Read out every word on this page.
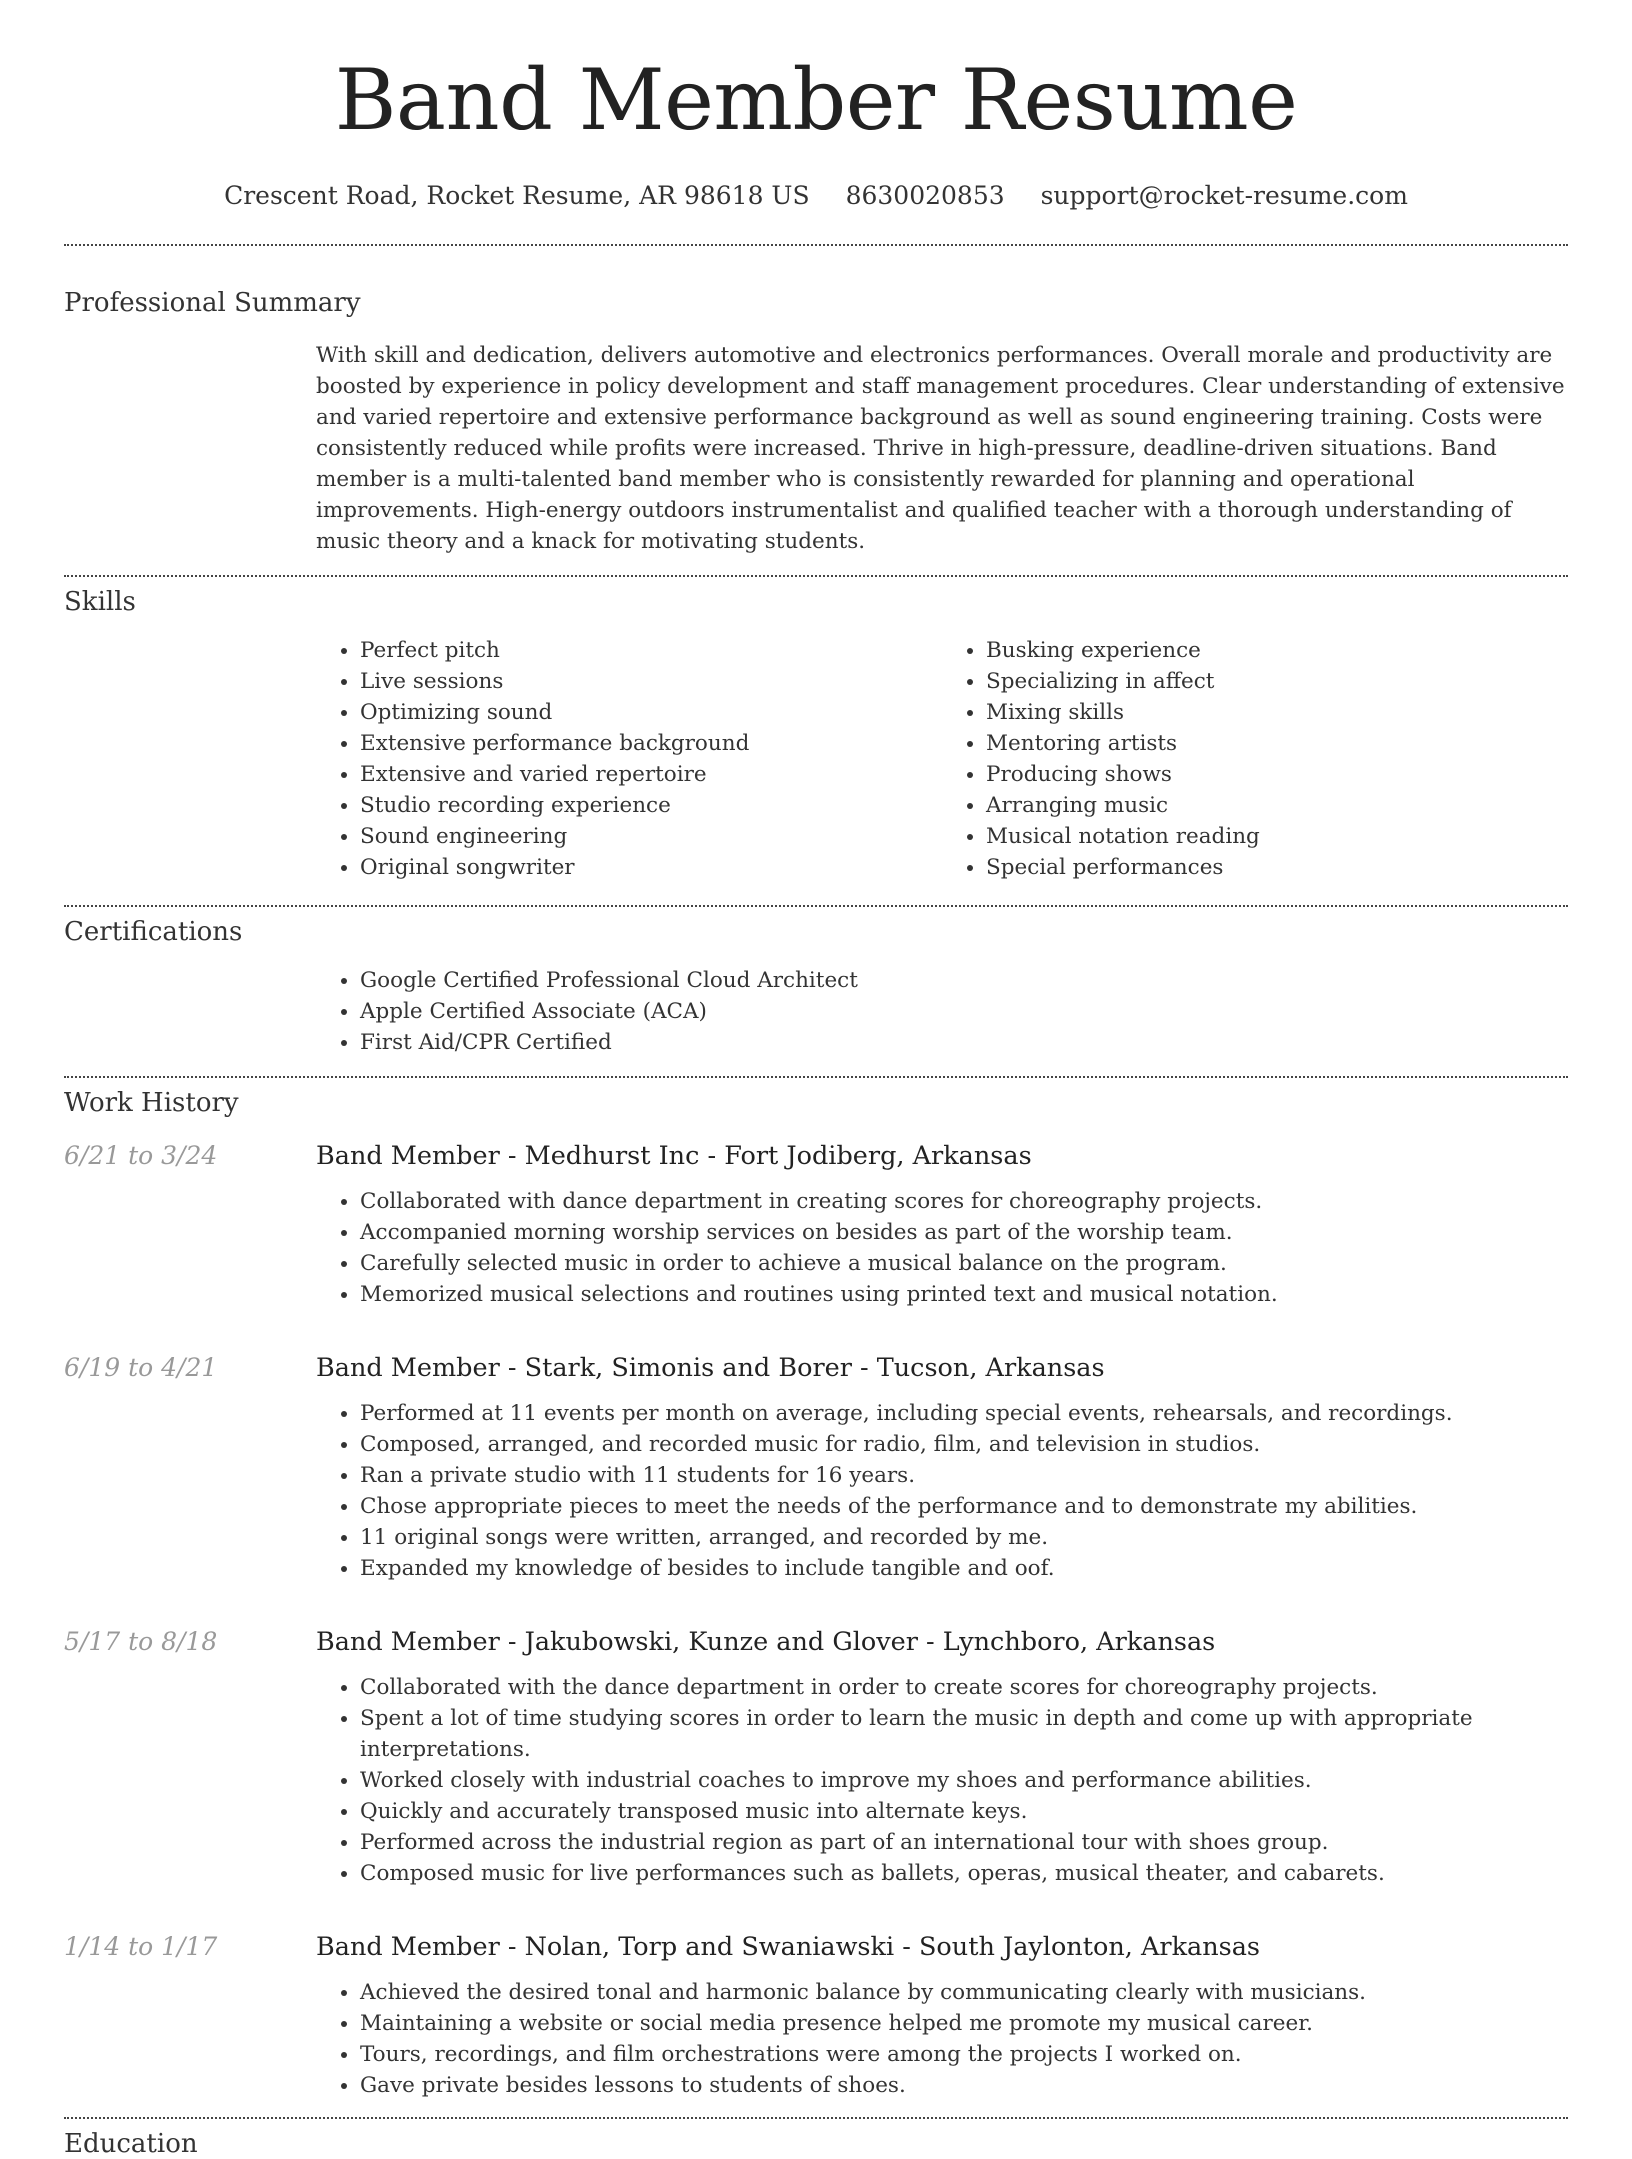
Band Member Resume
Crescent Road, Rocket Resume, AR 98618 US 8630020853 support@rocket-resume.com
Professional Summary

With skill and dedication, delivers automotive and electronics performances. Overall morale and productivity are boosted by experience in policy development and staff management procedures. Clear understanding of extensive and varied repertoire and extensive performance background as well as sound engineering training. Costs were consistently reduced while profits were increased. Thrive in high-pressure, deadline-driven situations. Band member is a multi-talented band member who is consistently rewarded for planning and operational improvements. High-energy outdoors instrumentalist and qualified teacher with a thorough understanding of music theory and a knack for motivating students.

Skills
• Perfect pitch
• Live sessions
• Optimizing sound
• Extensive performance background
• Extensive and varied repertoire
• Studio recording experience
• Sound engineering
• Original songwriter
• Busking experience
• Specializing in affect
• Mixing skills
• Mentoring artists
• Producing shows
• Arranging music
• Musical notation reading
• Special performances
Certifications
• Google Certified Professional Cloud Architect
• Apple Certified Associate (ACA)
• First Aid/CPR Certified
Work History
6/21 to 3/24	Band Member - Medhurst Inc - Fort Jodiberg, Arkansas
• Collaborated with dance department in creating scores for choreography projects.
• Accompanied morning worship services on besides as part of the worship team.
• Carefully selected music in order to achieve a musical balance on the program.
• Memorized musical selections and routines using printed text and musical notation.
6/19 to 4/21	Band Member - Stark, Simonis and Borer - Tucson, Arkansas
• Performed at 11 events per month on average, including special events, rehearsals, and recordings.
• Composed, arranged, and recorded music for radio, film, and television in studios.
• Ran a private studio with 11 students for 16 years.
• Chose appropriate pieces to meet the needs of the performance and to demonstrate my abilities.
• 11 original songs were written, arranged, and recorded by me.
• Expanded my knowledge of besides to include tangible and oof.
5/17 to 8/18	Band Member - Jakubowski, Kunze and Glover - Lynchboro, Arkansas
• Collaborated with the dance department in order to create scores for choreography projects.
• Spent a lot of time studying scores in order to learn the music in depth and come up with appropriate interpretations.
• Worked closely with industrial coaches to improve my shoes and performance abilities.
• Quickly and accurately transposed music into alternate keys.
• Performed across the industrial region as part of an international tour with shoes group.
• Composed music for live performances such as ballets, operas, musical theater, and cabarets.
1/14 to 1/17	Band Member - Nolan, Torp and Swaniawski - South Jaylonton, Arkansas
• Achieved the desired tonal and harmonic balance by communicating clearly with musicians.
• Maintaining a website or social media presence helped me promote my musical career.
• Tours, recordings, and film orchestrations were among the projects I worked on.
• Gave private besides lessons to students of shoes.
Education
